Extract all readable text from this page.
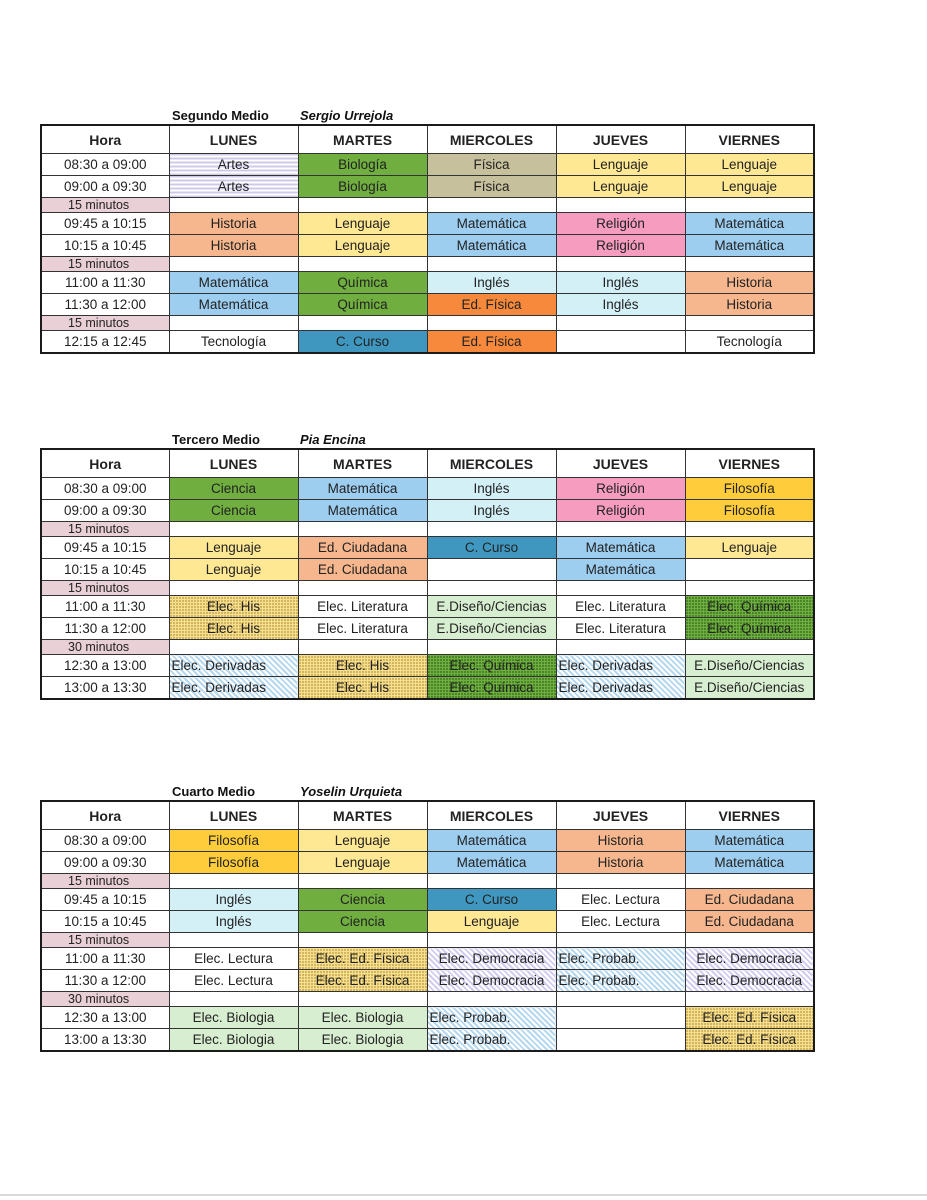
Segundo Medio Sergio Urrejola
Hora	LUNES	MARTES	MIERCOLES	JUEVES	VIERNES
08:30 a 09:00	Artes	Biología	Física	Lenguaje	Lenguaje
09:00 a 09:30	Artes	Biología	Física	Lenguaje	Lenguaje
15 minutos					
09:45 a 10:15	Historia	Lenguaje	Matemática	Religión	Matemática
10:15 a 10:45	Historia	Lenguaje	Matemática	Religión	Matemática
15 minutos					
11:00 a 11:30	Matemática	Química	Inglés	Inglés	Historia
11:30 a 12:00	Matemática	Química	Ed. Física	Inglés	Historia
15 minutos					
12:15 a 12:45	Tecnología	C. Curso	Ed. Física		Tecnología
Tercero Medio	Pia Encina
Hora	LUNES	MARTES	MIERCOLES	JUEVES	VIERNES
08:30 a 09:00	Ciencia	Matemática	Inglés	Religión	Filosofía
09:00 a 09:30	Ciencia	Matemática	Inglés	Religión	Filosofía
15 minutos					
09:45 a 10:15	Lenguaje	Ed. Ciudadana	C. Curso	Matemática	Lenguaje
10:15 a 10:45	Lenguaje	Ed. Ciudadana		Matemática	
15 minutos					
11:00 a 11:30	Elec. His	Elec. Literatura	E.Diseño/Ciencias	Elec. Literatura	Elec. Química
11:30 a 12:00	Elec. His	Elec. Literatura	E.Diseño/Ciencias	Elec. Literatura	Elec. Química
30 minutos					
12:30 a 13:00	Elec. Derivadas	Elec. His	Elec. Química	Elec. Derivadas	E.Diseño/Ciencias
13:00 a 13:30	Elec. Derivadas	Elec. His	Elec. Química	Elec. Derivadas	E.Diseño/Ciencias
Cuarto Medio	Yoselin Urquieta
Hora	LUNES	MARTES	MIERCOLES	JUEVES	VIERNES
08:30 a 09:00	Filosofía	Lenguaje	Matemática	Historia	Matemática
09:00 a 09:30	Filosofía	Lenguaje	Matemática	Historia	Matemática
15 minutos					
09:45 a 10:15	Inglés	Ciencia	C. Curso	Elec. Lectura	Ed. Ciudadana
10:15 a 10:45	Inglés	Ciencia	Lenguaje	Elec. Lectura	Ed. Ciudadana
15 minutos					
11:00 a 11:30	Elec. Lectura	Elec. Ed. Física	Elec. Democracia	Elec. Probab.	Elec. Democracia
11:30 a 12:00	Elec. Lectura	Elec. Ed. Física	Elec. Democracia	Elec. Probab.	Elec. Democracia
30 minutos					
12:30 a 13:00	Elec. Biologia	Elec. Biologia	Elec. Probab.		Elec. Ed. Física
13:00 a 13:30	Elec. Biologia	Elec. Biologia	Elec. Probab.		Elec. Ed. Física
